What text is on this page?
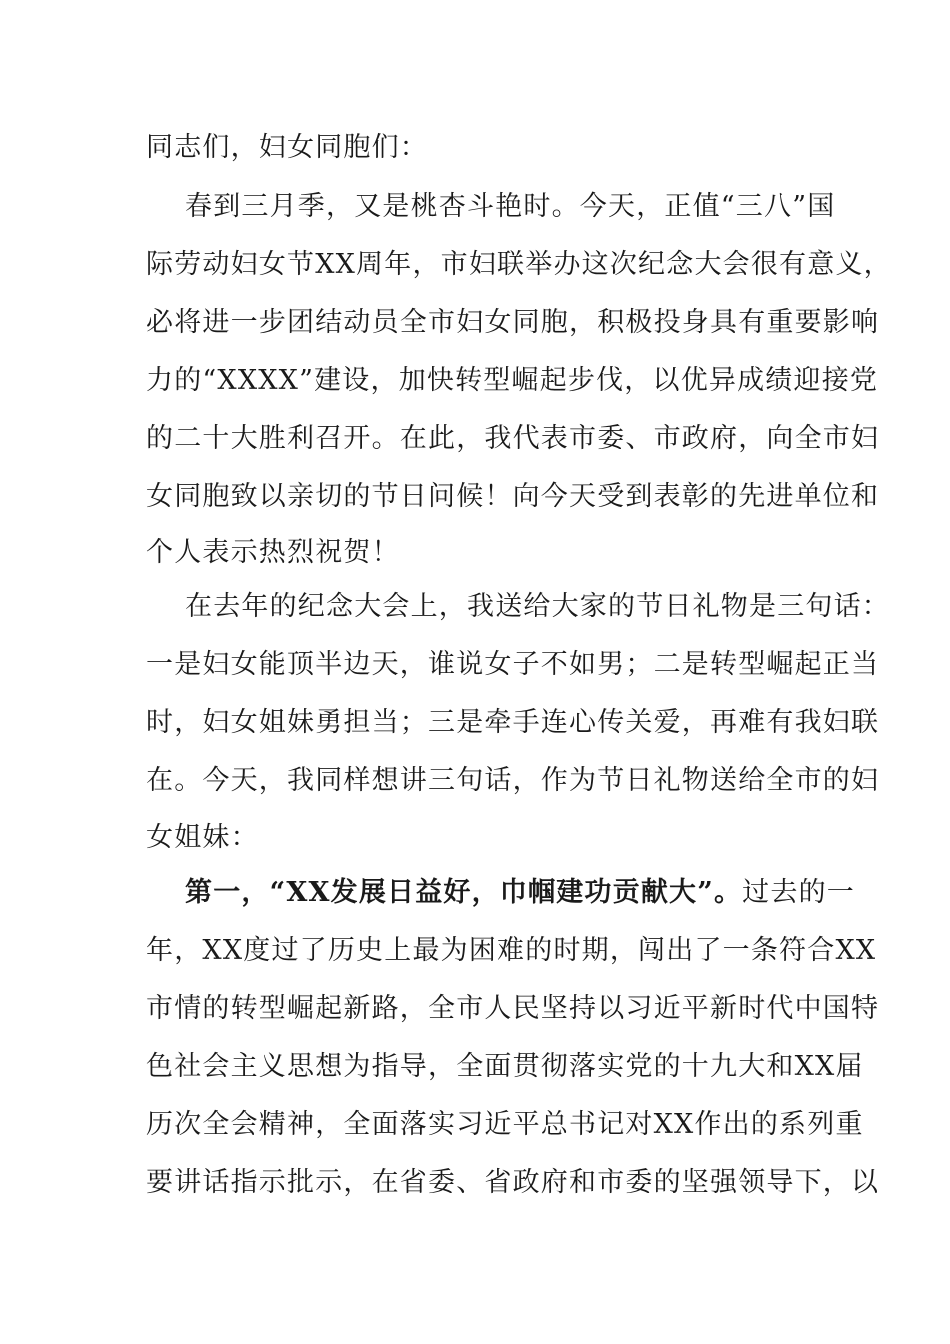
同志们，妇女同胞们：
春到三月季，又是桃杏斗艳时。今天，正值“三八”国
际劳动妇女节XX周年，市妇联举办这次纪念大会很有意义，
必将进一步团结动员全市妇女同胞，积极投身具有重要影响
力的“XXXX”建设，加快转型崛起步伐，以优异成绩迎接党
的二十大胜利召开。在此，我代表市委、市政府，向全市妇
女同胞致以亲切的节日问候！向今天受到表彰的先进单位和
个人表示热烈祝贺！
在去年的纪念大会上，我送给大家的节日礼物是三句话：
一是妇女能顶半边天，谁说女子不如男；二是转型崛起正当
时，妇女姐妹勇担当；三是牵手连心传关爱，再难有我妇联
在。今天，我同样想讲三句话，作为节日礼物送给全市的妇
女姐妹：
第一，“XX发展日益好，巾帼建功贡献大”。过去的一
年，XX度过了历史上最为困难的时期，闯出了一条符合XX
市情的转型崛起新路，全市人民坚持以习近平新时代中国特
色社会主义思想为指导，全面贯彻落实党的十九大和XX届
历次全会精神，全面落实习近平总书记对XX作出的系列重
要讲话指示批示，在省委、省政府和市委的坚强领导下，以
